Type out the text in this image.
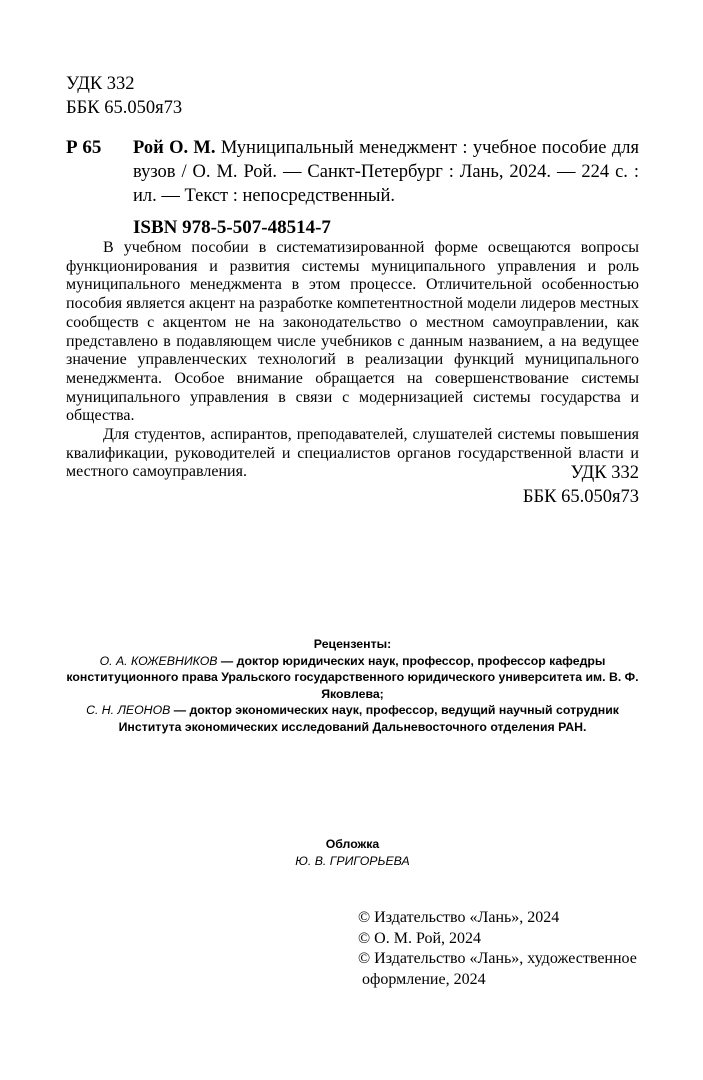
УДК 332
ББК 65.050я73
Р 65 Рой О. М. Муниципальный менеджмент : учебное пособие для вузов / О. М. Рой. — Санкт-Петербург : Лань, 2024. — 224 с. : ил. — Текст : непосредственный.
ISBN 978-5-507-48514-7

В учебном пособии в систематизированной форме освещаются вопросы функционирования и развития системы муниципального управления и роль муниципального менеджмента в этом процессе. Отличительной особенностью пособия является акцент на разработке компетентностной модели лидеров местных сообществ с акцентом не на законодательство о местном самоуправлении, как представлено в подавляющем числе учебников с данным названием, а на ведущее значение управленческих технологий в реализации функций муниципального менеджмента. Особое внимание обращается на совершенствование системы муниципального управления в связи с модернизацией системы государства и общества.

Для студентов, аспирантов, преподавателей, слушателей системы повышения квалификации, руководителей и специалистов органов государственной власти и местного самоуправления.	УДК 332
ББК 65.050я73
Рецензенты:
О. А. КОЖЕВНИКОВ — доктор юридических наук, профессор, профессор кафедры конституционного права Уральского государственного юридического университета им. В. Ф. Яковлева;
С. Н. ЛЕОНОВ — доктор экономических наук, профессор, ведущий научный сотрудник Института экономических исследований Дальневосточного отделения РАН.
Обложка
Ю. В. ГРИГОРЬЕВА
© Издательство «Лань», 2024
© О. М. Рой, 2024
© Издательство «Лань», художественное
оформление, 2024
